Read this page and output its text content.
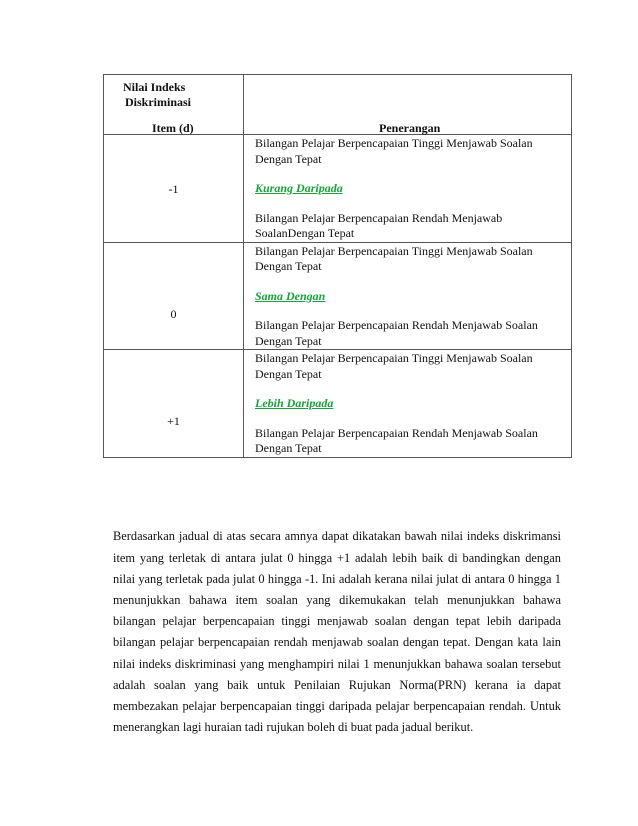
Nilai Indeks
Diskriminasi
Item (d)	Penerangan

-1	Bilangan Pelajar Berpencapaian Tinggi Menjawab Soalan Dengan Tepat
Kurang Daripada
Bilangan Pelajar Berpencapaian Rendah Menjawab SoalanDengan Tepat

0	Bilangan Pelajar Berpencapaian Tinggi Menjawab Soalan Dengan Tepat
Sama Dengan
Bilangan Pelajar Berpencapaian Rendah Menjawab Soalan Dengan Tepat

+1	Bilangan Pelajar Berpencapaian Tinggi Menjawab Soalan Dengan Tepat
Lebih Daripada
Bilangan Pelajar Berpencapaian Rendah Menjawab Soalan Dengan Tepat

Berdasarkan jadual di atas secara amnya dapat dikatakan bawah nilai indeks diskrimansi item yang terletak di antara julat 0 hingga +1 adalah lebih baik di bandingkan dengan nilai yang terletak pada julat 0 hingga -1. Ini adalah kerana nilai julat di antara 0 hingga 1 menunjukkan bahawa item soalan yang dikemukakan telah menunjukkan bahawa bilangan pelajar berpencapaian tinggi menjawab soalan dengan tepat lebih daripada bilangan pelajar berpencapaian rendah menjawab soalan dengan tepat. Dengan kata lain nilai indeks diskriminasi yang menghampiri nilai 1 menunjukkan bahawa soalan tersebut adalah soalan yang baik untuk Penilaian Rujukan Norma(PRN) kerana ia dapat membezakan pelajar berpencapaian tinggi daripada pelajar berpencapaian rendah. Untuk menerangkan lagi huraian tadi rujukan boleh di buat pada jadual berikut.
